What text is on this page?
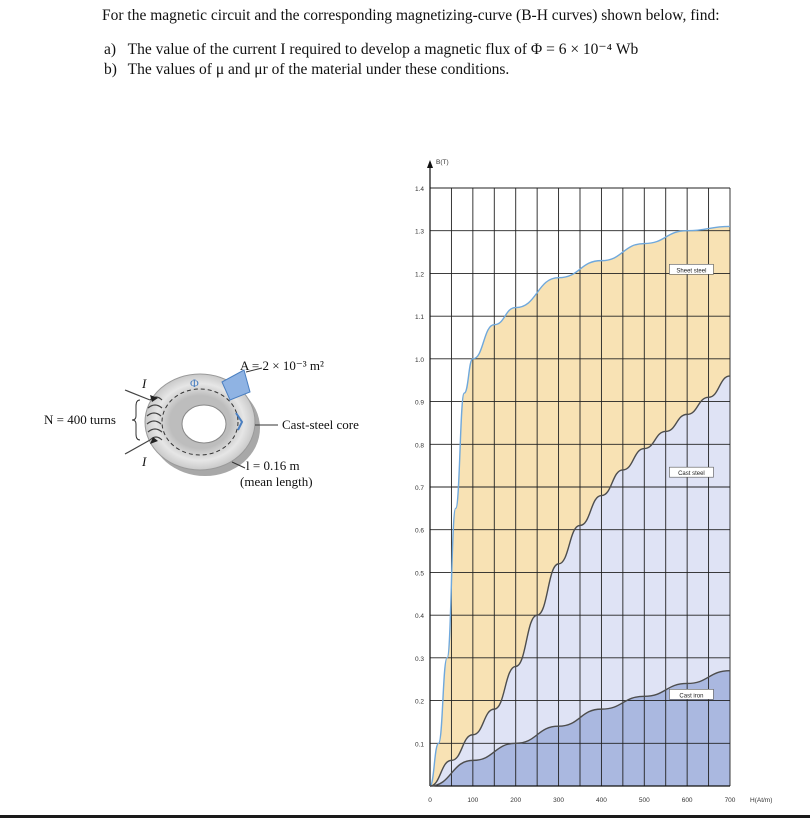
For the magnetic circuit and the corresponding magnetizing-curve (B-H curves) shown below, find:

a) The value of the current I required to develop a magnetic flux of Φ = 6 × 10⁻⁴ Wb
b) The values of μ and μr of the material under these conditions.
A = 2 × 10⁻³ m²
N = 400 turns
I
I
Φ
Cast-steel core
l = 0.16 m
(mean length)
0.1
0.2
0.3
0.4
0.5
0.6
0.7
0.8
0.9
1.0
1.1
1.2
1.3
1.4
0	100	200	300	400	500	600	700
B(T)
H(At/m)
Sheet steel
Cast steel
Cast iron
